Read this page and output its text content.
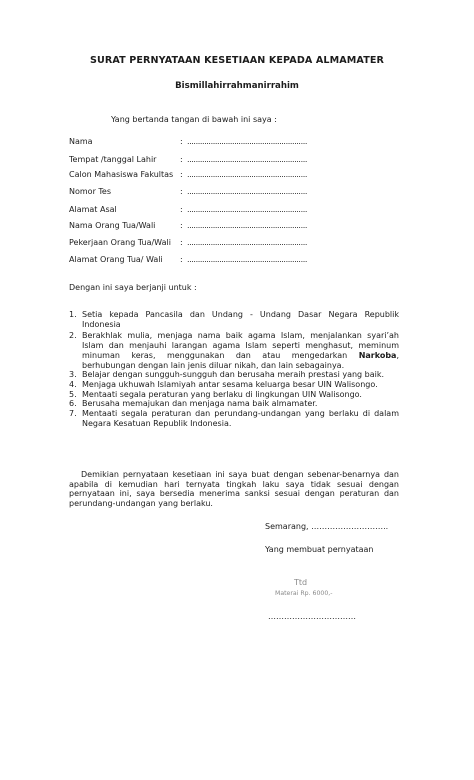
SURAT PERNYATAAN KESETIAAN KEPADA ALMAMATER
Bismillahirrahmanirrahim
Yang bertanda tangan di bawah ini saya :
Nama	: ........................................................
Tempat /tanggal Lahir	: ........................................................
Calon Mahasiswa Fakultas : ........................................................
Nomor Tes	: ........................................................
Alamat Asal	: ........................................................
Nama Orang Tua/Wali	: ........................................................
Pekerjaan Orang Tua/Wali : ........................................................
Alamat Orang Tua/ Wali : ........................................................
Dengan ini saya berjanji untuk :
1. Setia kepada Pancasila dan Undang - Undang Dasar Negara Republik Indonesia
2. Berakhlak mulia, menjaga nama baik agama Islam, menjalankan syari’ah Islam dan menjauhi larangan agama Islam seperti menghasut, meminum minuman keras, menggunakan dan atau mengedarkan Narkoba, berhubungan dengan lain jenis diluar nikah, dan lain sebagainya.
3. Belajar dengan sungguh-sungguh dan berusaha meraih prestasi yang baik.
4. Menjaga ukhuwah Islamiyah antar sesama keluarga besar UIN Walisongo.
5. Mentaati segala peraturan yang berlaku di lingkungan UIN Walisongo.
6. Berusaha memajukan dan menjaga nama baik almamater.
7. Mentaati segala peraturan dan perundang-undangan yang berlaku di dalam Negara Kesatuan Republik Indonesia.
Demikian pernyataan kesetiaan ini saya buat dengan sebenar-benarnya dan apabila di kemudian hari ternyata tingkah laku saya tidak sesuai dengan pernyataan ini, saya bersedia menerima sanksi sesuai dengan peraturan dan perundang-undangan yang berlaku.
Semarang, ………………………..
Yang membuat pernyataan
Ttd
Materai Rp. 6000,-
……………………………
